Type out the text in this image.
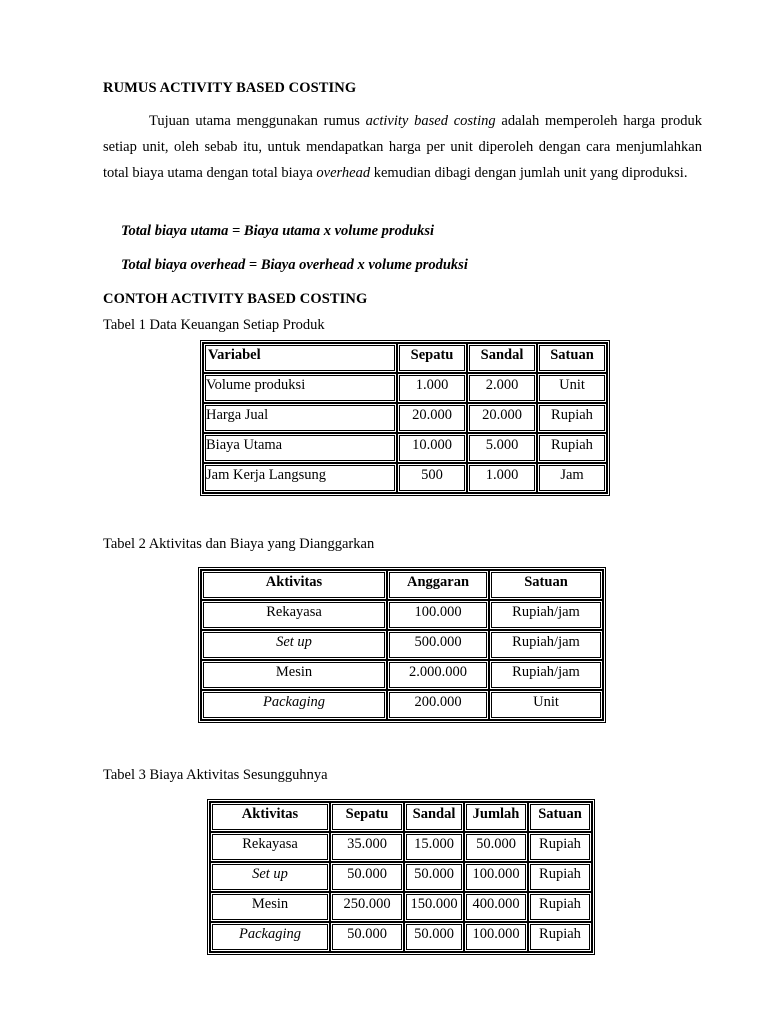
RUMUS ACTIVITY BASED COSTING

Tujuan utama menggunakan rumus activity based costing adalah memperoleh harga produk setiap unit, oleh sebab itu, untuk mendapatkan harga per unit diperoleh dengan cara menjumlahkan total biaya utama dengan total biaya overhead kemudian dibagi dengan jumlah unit yang diproduksi.

Total biaya utama = Biaya utama x volume produksi
Total biaya overhead = Biaya overhead x volume produksi
CONTOH ACTIVITY BASED COSTING
Tabel 1 Data Keuangan Setiap Produk
Variabel	Sepatu	Sandal	Satuan
Volume produksi	1.000	2.000	Unit
Harga Jual	20.000	20.000	Rupiah
Biaya Utama	10.000	5.000	Rupiah
Jam Kerja Langsung	500	1.000	Jam
Tabel 2 Aktivitas dan Biaya yang Dianggarkan
Aktivitas	Anggaran	Satuan
Rekayasa	100.000	Rupiah/jam
Set up	500.000	Rupiah/jam
Mesin	2.000.000	Rupiah/jam
Packaging	200.000	Unit
Tabel 3 Biaya Aktivitas Sesungguhnya
Aktivitas	Sepatu	Sandal	Jumlah	Satuan
Rekayasa	35.000	15.000	50.000	Rupiah
Set up	50.000	50.000	100.000	Rupiah
Mesin	250.000	150.000	400.000	Rupiah
Packaging	50.000	50.000	100.000	Rupiah
